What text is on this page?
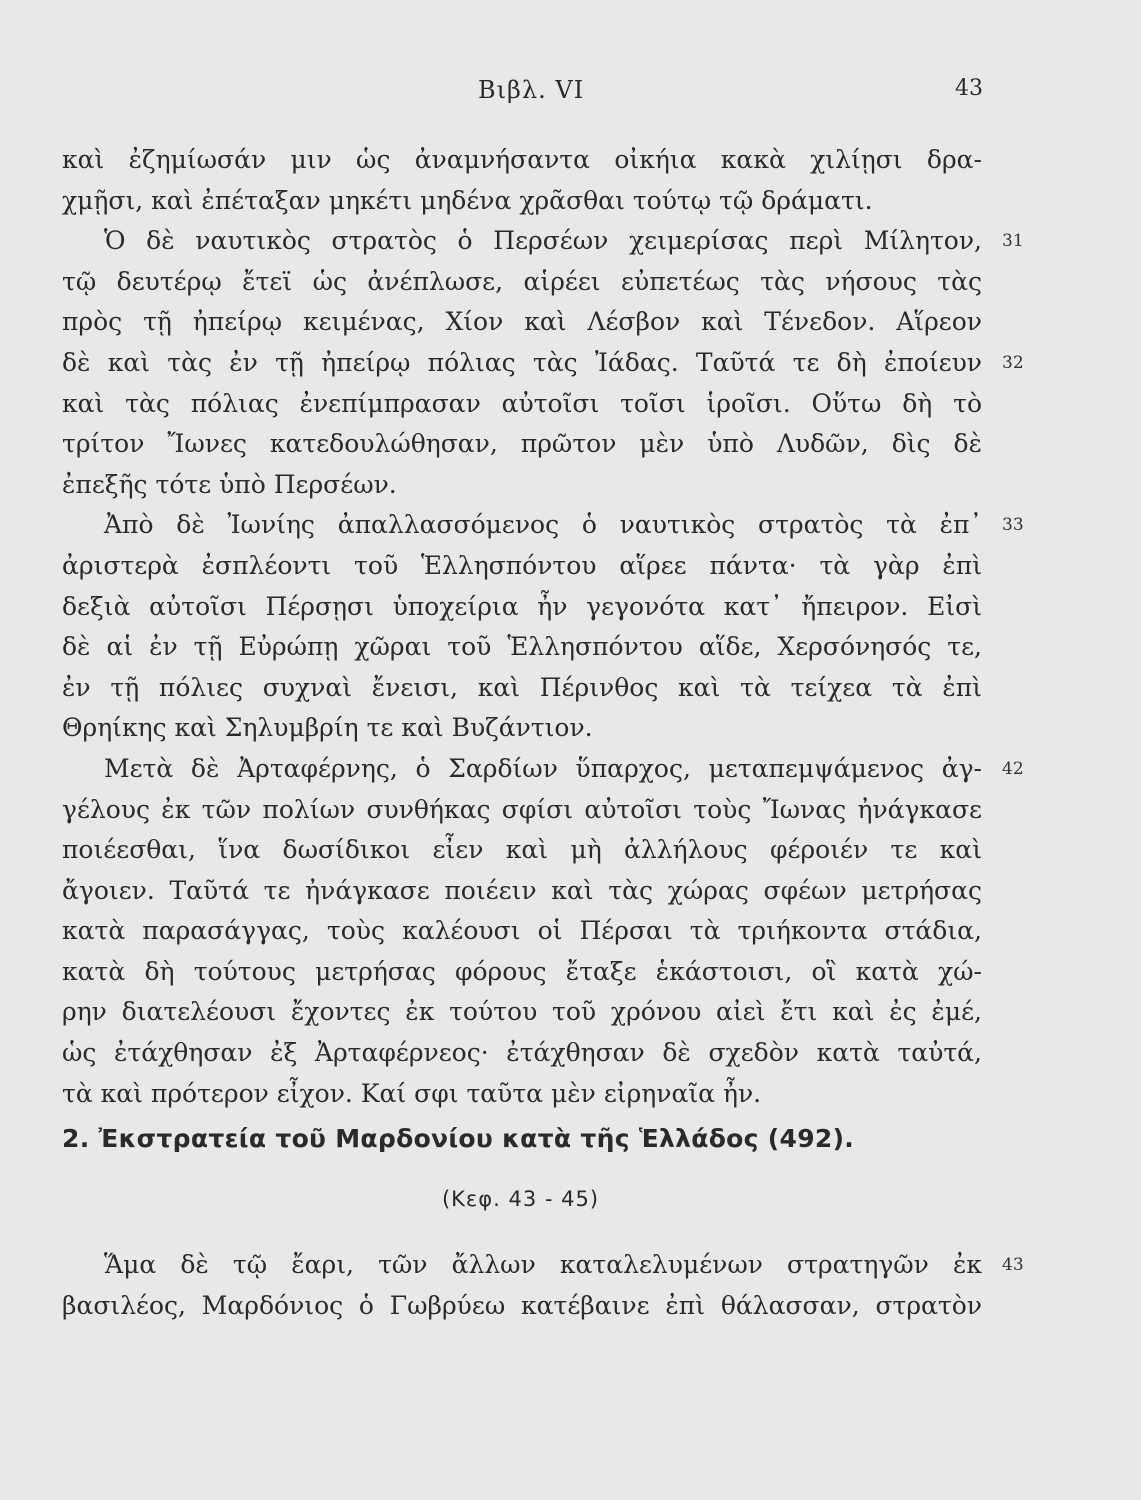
Βιβλ. VI	43
καὶ ἐζημίωσάν μιν ὡς ἀναμνήσαντα οἰκήια κακὰ χιλίῃσι δρα-
χμῇσι, καὶ ἐπέταξαν μηκέτι μηδένα χρᾶσθαι τούτῳ τῷ δράματι.
Ὁ δὲ ναυτικὸς στρατὸς ὁ Περσέων χειμερίσας περὶ Μίλητον, 31
τῷ δευτέρῳ ἔτεϊ ὡς ἀνέπλωσε, αἱρέει εὐπετέως τὰς νήσους τὰς
πρὸς τῇ ἠπείρῳ κειμένας, Χίον καὶ Λέσβον καὶ Τένεδον. Αἵρεον
δὲ καὶ τὰς ἐν τῇ ἠπείρῳ πόλιας τὰς Ἰάδας. Ταῦτά τε δὴ ἐποίευν 32
καὶ τὰς πόλιας ἐνεπίμπρασαν αὐτοῖσι τοῖσι ἱροῖσι. Οὕτω δὴ τὸ
τρίτον Ἴωνες κατεδουλώθησαν, πρῶτον μὲν ὑπὸ Λυδῶν, δὶς δὲ
ἐπεξῆς τότε ὑπὸ Περσέων.
Ἀπὸ δὲ Ἰωνίης ἀπαλλασσόμενος ὁ ναυτικὸς στρατὸς τὰ ἐπ᾽ 33
ἀριστερὰ ἐσπλέοντι τοῦ Ἑλλησπόντου αἵρεε πάντα· τὰ γὰρ ἐπὶ
δεξιὰ αὐτοῖσι Πέρσῃσι ὑποχείρια ἦν γεγονότα κατ᾽ ἤπειρον. Εἰσὶ
δὲ αἱ ἐν τῇ Εὐρώπῃ χῶραι τοῦ Ἑλλησπόντου αἵδε, Χερσόνησός τε,
ἐν τῇ πόλιες συχναὶ ἔνεισι, καὶ Πέρινθος καὶ τὰ τείχεα τὰ ἐπὶ
Θρηίκης καὶ Σηλυμβρίη τε καὶ Βυζάντιον.
Μετὰ δὲ Ἀρταφέρνης, ὁ Σαρδίων ὕπαρχος, μεταπεμψάμενος ἀγ- 42
γέλους ἐκ τῶν πολίων συνθήκας σφίσι αὐτοῖσι τοὺς Ἴωνας ἠνάγκασε
ποιέεσθαι, ἵνα δωσίδικοι εἶεν καὶ μὴ ἀλλήλους φέροιέν τε καὶ
ἄγοιεν. Ταῦτά τε ἠνάγκασε ποιέειν καὶ τὰς χώρας σφέων μετρήσας
κατὰ παρασάγγας, τοὺς καλέουσι οἱ Πέρσαι τὰ τριήκοντα στάδια,
κατὰ δὴ τούτους μετρήσας φόρους ἔταξε ἑκάστοισι, οἳ κατὰ χώ-
ρην διατελέουσι ἔχοντες ἐκ τούτου τοῦ χρόνου αἰεὶ ἔτι καὶ ἐς ἐμέ,
ὡς ἐτάχθησαν ἐξ Ἀρταφέρνεος· ἐτάχθησαν δὲ σχεδὸν κατὰ ταὐτά,
τὰ καὶ πρότερον εἶχον. Καί σφι ταῦτα μὲν εἰρηναῖα ἦν.
2. Ἐκστρατεία τοῦ Μαρδονίου κατὰ τῆς Ἑλλάδος (492).
(Κεφ. 43 - 45)
Ἅμα δὲ τῷ ἔαρι, τῶν ἄλλων καταλελυμένων στρατηγῶν ἐκ 43
βασιλέος, Μαρδόνιος ὁ Γωβρύεω κατέβαινε ἐπὶ θάλασσαν, στρατὸν
